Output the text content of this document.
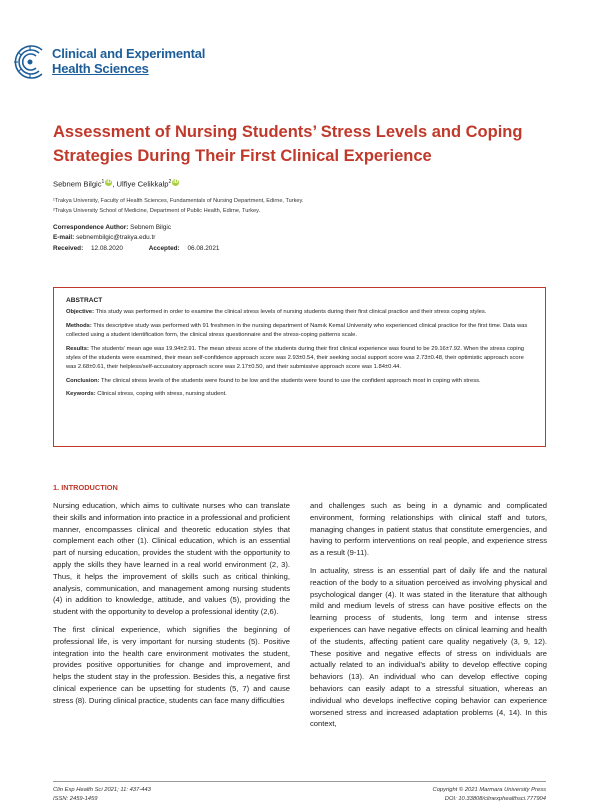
Clinical and Experimental
Health Sciences
Assessment of Nursing Students’ Stress Levels and Coping Strategies During Their First Clinical Experience
Sebnem Bilgic$^1$ iD, Ulfiye Celikkalp$^2$ iD
¹Trakya University, Faculty of Health Sciences, Fundamentals of Nursing Department, Edirne, Turkey.
²Trakya University School of Medicine, Department of Public Health, Edirne, Turkey.
Correspondence Author: Sebnem Bilgic
E-mail: sebnembilgic@trakya.edu.tr
Received: 12.08.2020	Accepted: 06.08.2021
ABSTRACT

Objective: This study was performed in order to examine the clinical stress levels of nursing students during their first clinical practice and their stress coping styles.

Methods: This descriptive study was performed with 91 freshmen in the nursing department of Namık Kemal University who experienced clinical practice for the first time. Data was collected using a student identification form, the clinical stress questionnaire and the stress-coping patterns scale.

Results: The students’ mean age was 19.94±2.91. The mean stress score of the students during their first clinical experience was found to be 29.16±7.92. When the stress coping styles of the students were examined, their mean self-confidence approach score was 2.93±0.54, their seeking social support score was 2.73±0.48, their optimistic approach score was 2.68±0.61, their helpless/self-accusatory approach score was 2.17±0.50, and their submissive approach score was 1.84±0.44.

Conclusion: The clinical stress levels of the students were found to be low and the students were found to use the confident approach most in coping with stress.

Keywords: Clinical stress, coping with stress, nursing student.

1. INTRODUCTION

Nursing education, which aims to cultivate nurses who can translate their skills and information into practice in a professional and proficient manner, encompasses clinical and theoretic education styles that complement each other (1). Clinical education, which is an essential part of nursing education, provides the student with the opportunity to apply the skills they have learned in a real world environment (2, 3). Thus, it helps the improvement of skills such as critical thinking, analysis, communication, and management among nursing students (4) in addition to knowledge, attitude, and values (5), providing the student with the opportunity to develop a professional identity (2,6).

The first clinical experience, which signifies the beginning of professional life, is very important for nursing students (5). Positive integration into the health care environment motivates the student, provides positive opportunities for change and improvement, and helps the student stay in the profession. Besides this, a negative first clinical experience can be upsetting for students (5, 7) and cause stress (8). During clinical practice, students can face many difficulties

and challenges such as being in a dynamic and complicated environment, forming relationships with clinical staff and tutors, managing changes in patient status that constitute emergencies, and having to perform interventions on real people, and experience stress as a result (9-11).

In actuality, stress is an essential part of daily life and the natural reaction of the body to a situation perceived as involving physical and psychological danger (4). It was stated in the literature that although mild and medium levels of stress can have positive effects on the learning process of students, long term and intense stress experiences can have negative effects on clinical learning and health of the students, affecting patient care quality negatively (3, 9, 12). These positive and negative effects of stress on individuals are actually related to an individual’s ability to develop effective coping behaviors (13). An individual who can develop effective coping behaviors can easily adapt to a stressful situation, whereas an individual who develops ineffective coping behavior can experience worsened stress and increased adaptation problems (4, 14). In this context,

Clin Exp Health Sci 2021; 11: 437-443
ISSN: 2459-1459
Copyright © 2021 Marmara University Press
DOI: 10.33808/clinexphealthsci.777904
